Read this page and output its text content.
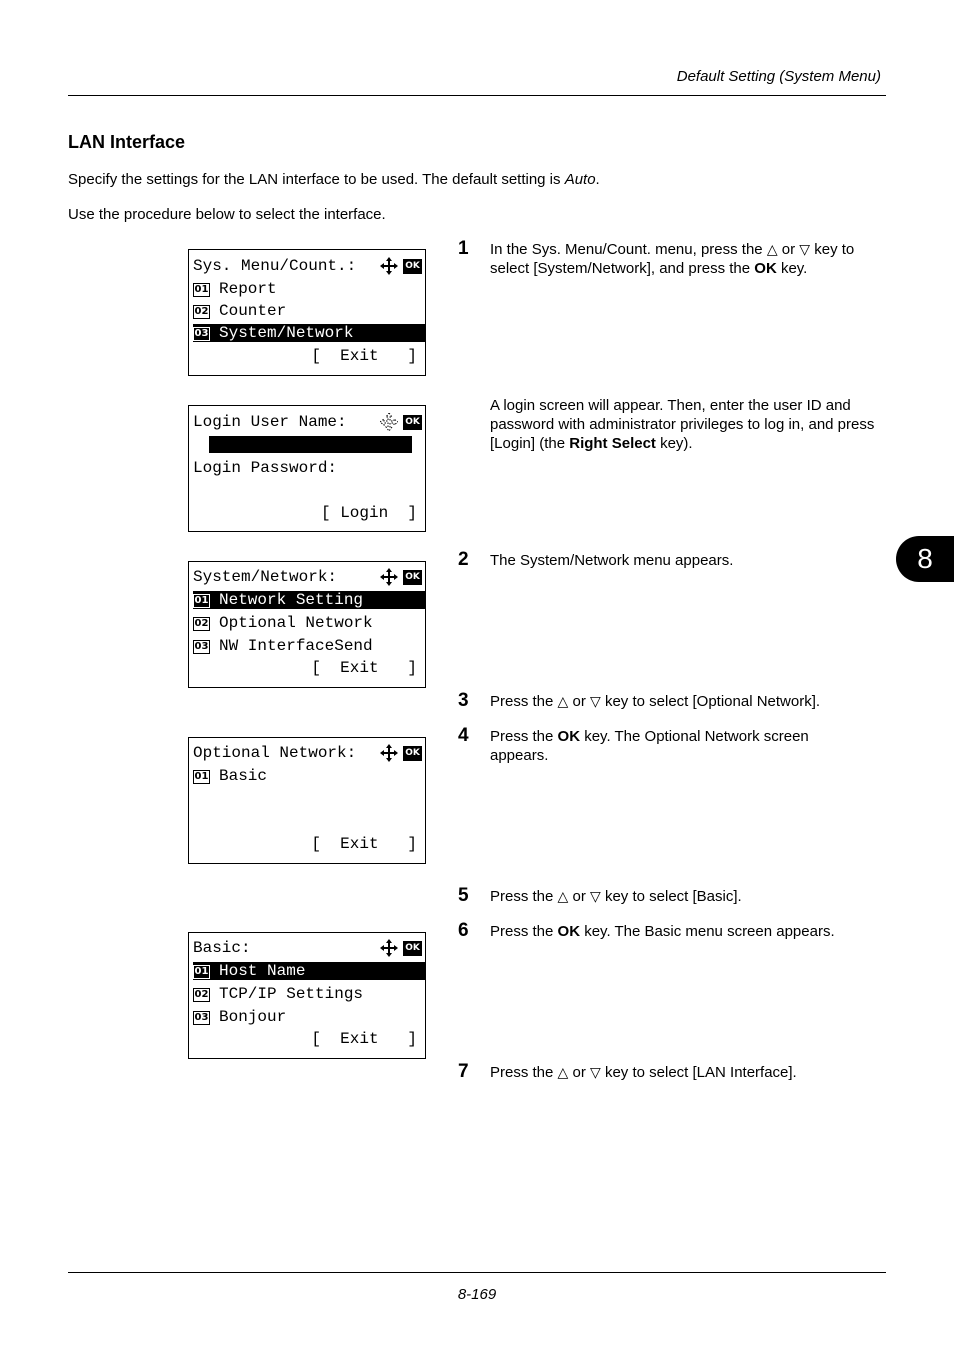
Default Setting (System Menu)
LAN Interface
Specify the settings for the LAN interface to be used. The default setting is Auto.
Use the procedure below to select the interface.
8
Sys. Menu/Count.:	OK
01 Report
02 Counter
03 System/Network
[  Exit   ]
Login User Name:	OK
Login Password:
[ Login  ]
System/Network:	OK
01 Network Setting
02 Optional Network
03 NW InterfaceSend
[  Exit   ]
Optional Network:	OK
01 Basic
[  Exit   ]
Basic:	OK
01 Host Name
02 TCP/IP Settings
03 Bonjour
[  Exit   ]
1 In the Sys. Menu/Count. menu, press the △ or ▽ key to select [System/Network], and press the OK key.
A login screen will appear. Then, enter the user ID and password with administrator privileges to log in, and press [Login] (the Right Select key).
2 The System/Network menu appears.
3 Press the △ or ▽ key to select [Optional Network].
4 Press the OK key. The Optional Network screen appears.
5 Press the △ or ▽ key to select [Basic].
6 Press the OK key. The Basic menu screen appears.
7 Press the △ or ▽ key to select [LAN Interface].
8-169
